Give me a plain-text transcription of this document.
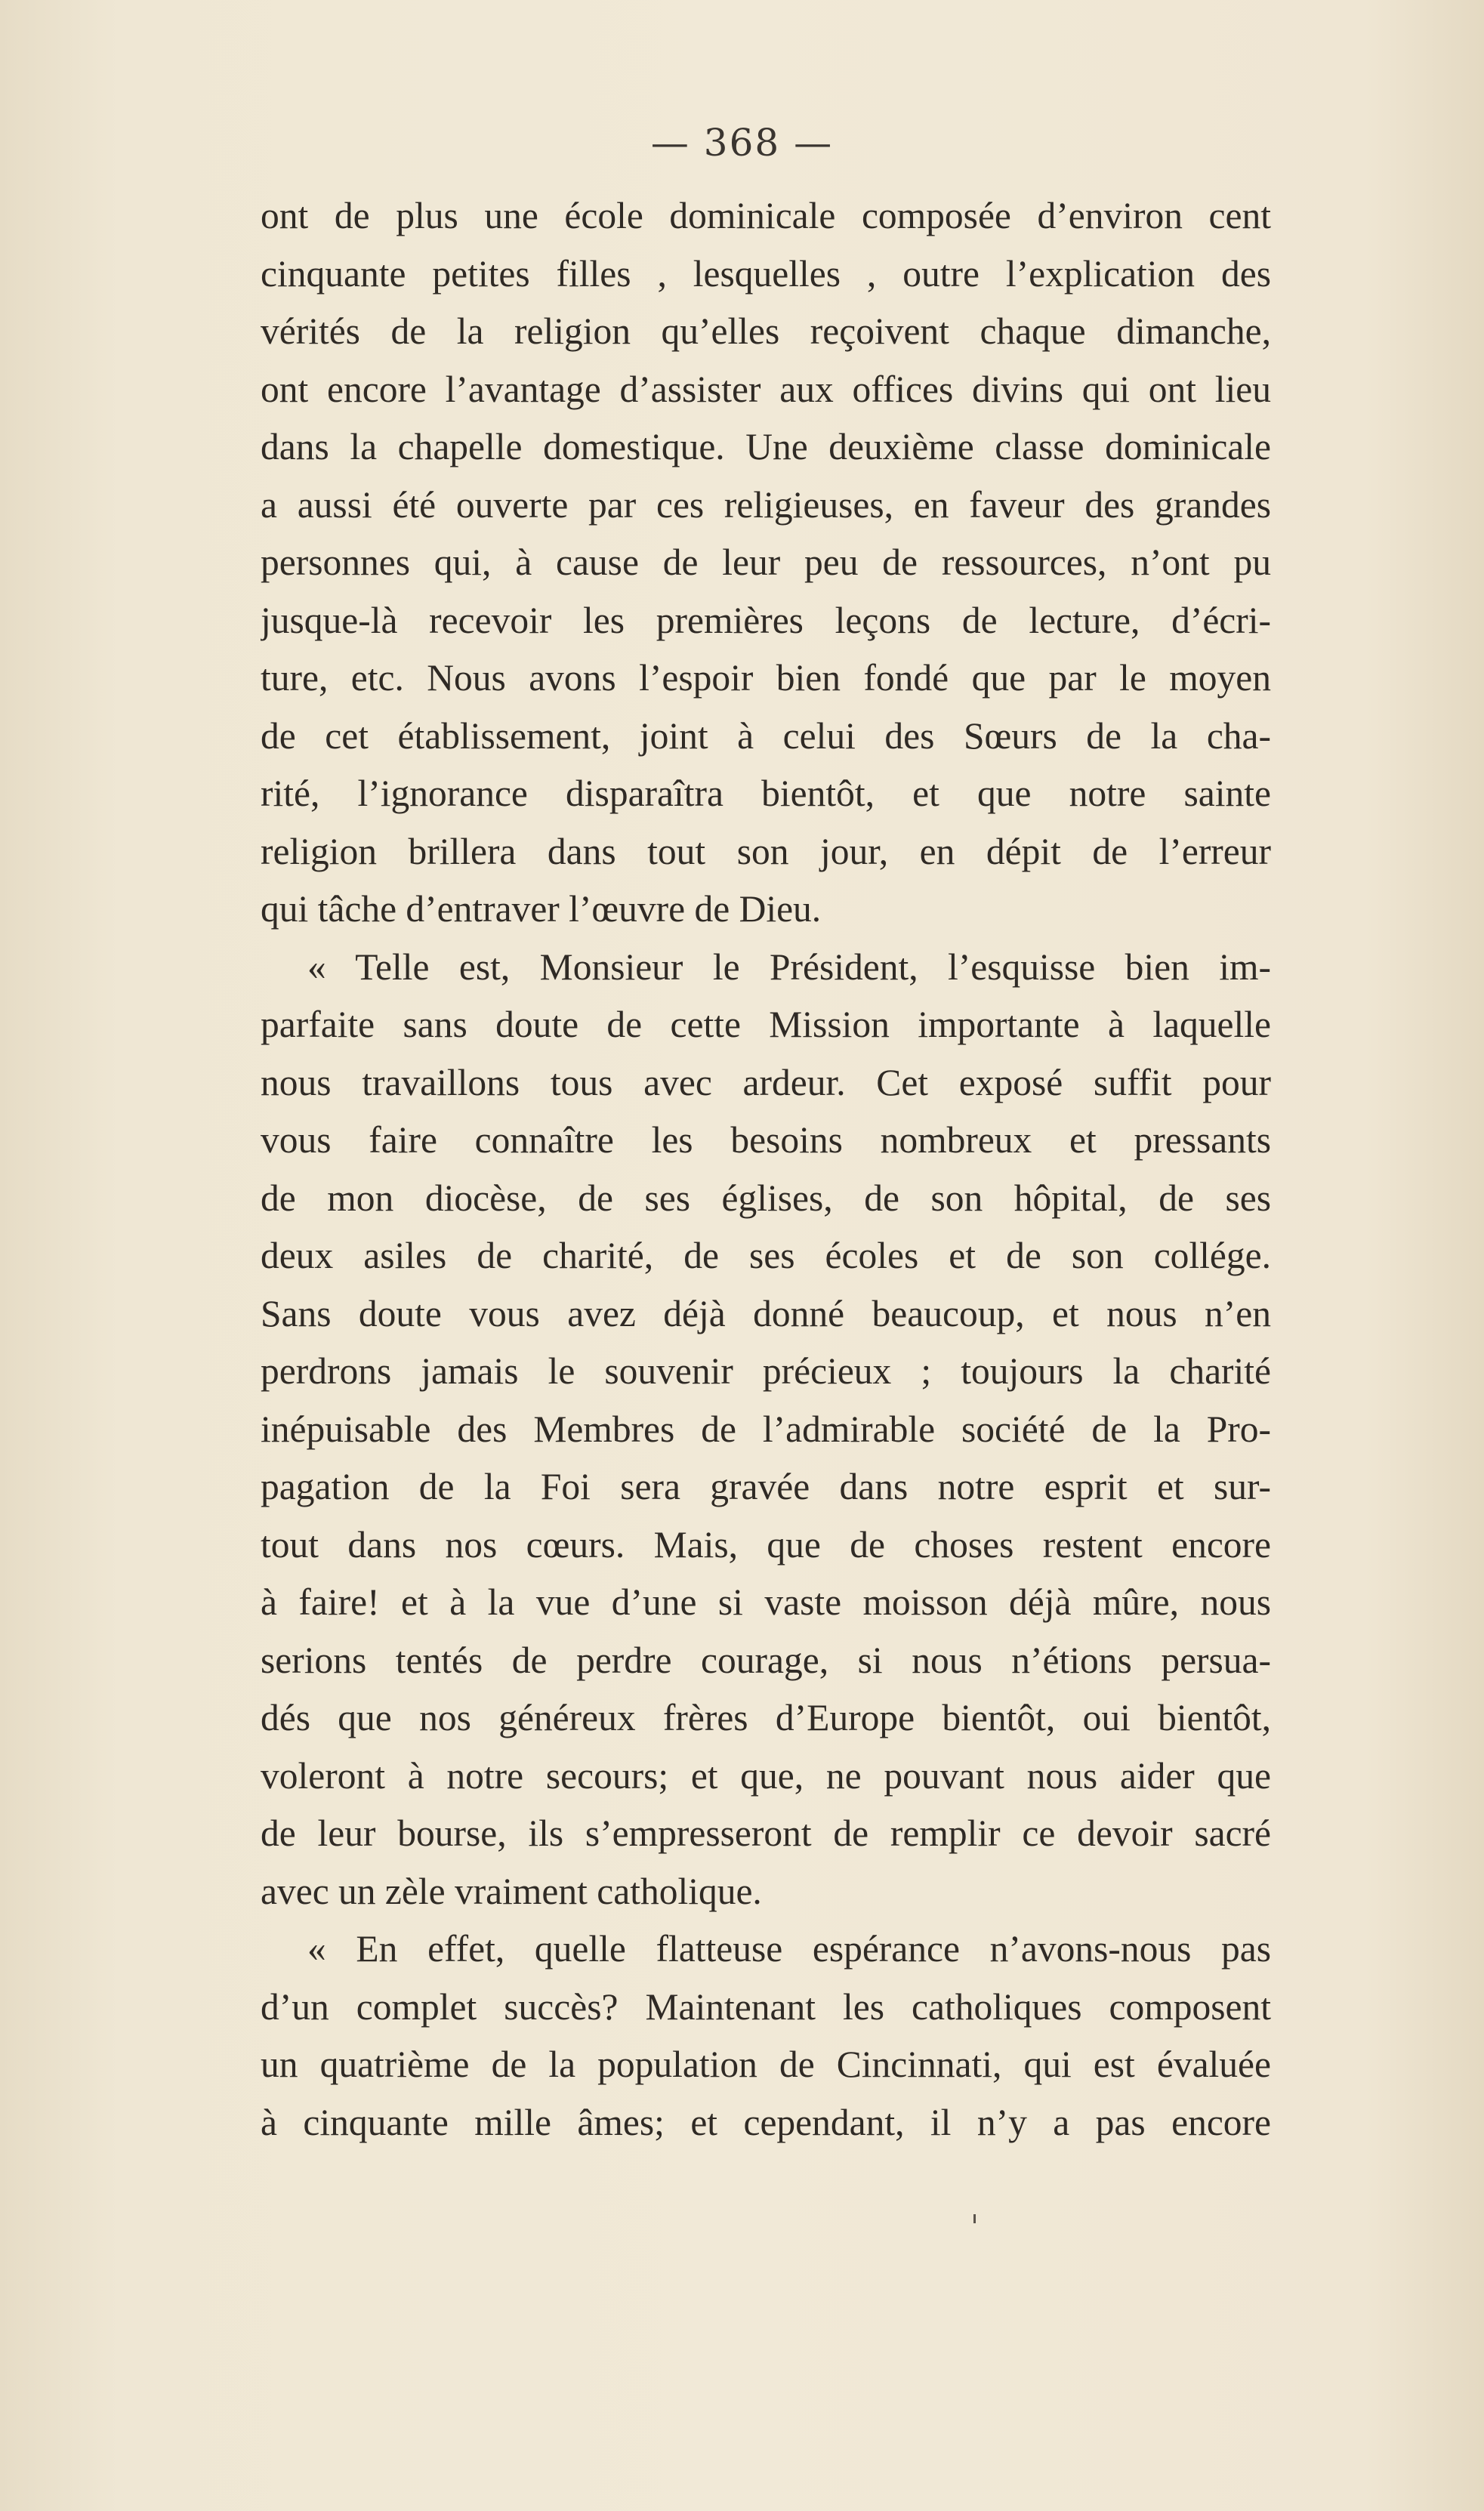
— 368 —
ont de plus une école dominicale composée d’environ cent
cinquante petites filles , lesquelles , outre l’explication des
vérités de la religion qu’elles reçoivent chaque dimanche,
ont encore l’avantage d’assister aux offices divins qui ont lieu
dans la chapelle domestique. Une deuxième classe dominicale
a aussi été ouverte par ces religieuses, en faveur des grandes
personnes qui, à cause de leur peu de ressources, n’ont pu
jusque-là recevoir les premières leçons de lecture, d’écri-
ture, etc. Nous avons l’espoir bien fondé que par le moyen
de cet établissement, joint à celui des Sœurs de la cha-
rité, l’ignorance disparaîtra bientôt, et que notre sainte
religion brillera dans tout son jour, en dépit de l’erreur
qui tâche d’entraver l’œuvre de Dieu.
« Telle est, Monsieur le Président, l’esquisse bien im-
parfaite sans doute de cette Mission importante à laquelle
nous travaillons tous avec ardeur. Cet exposé suffit pour
vous faire connaître les besoins nombreux et pressants
de mon diocèse, de ses églises, de son hôpital, de ses
deux asiles de charité, de ses écoles et de son collége.
Sans doute vous avez déjà donné beaucoup, et nous n’en
perdrons jamais le souvenir précieux ; toujours la charité
inépuisable des Membres de l’admirable société de la Pro-
pagation de la Foi sera gravée dans notre esprit et sur-
tout dans nos cœurs. Mais, que de choses restent encore
à faire! et à la vue d’une si vaste moisson déjà mûre, nous
serions tentés de perdre courage, si nous n’étions persua-
dés que nos généreux frères d’Europe bientôt, oui bientôt,
voleront à notre secours; et que, ne pouvant nous aider que
de leur bourse, ils s’empresseront de remplir ce devoir sacré
avec un zèle vraiment catholique.
« En effet, quelle flatteuse espérance n’avons-nous pas
d’un complet succès? Maintenant les catholiques composent
un quatrième de la population de Cincinnati, qui est évaluée
à cinquante mille âmes; et cependant, il n’y a pas encore
